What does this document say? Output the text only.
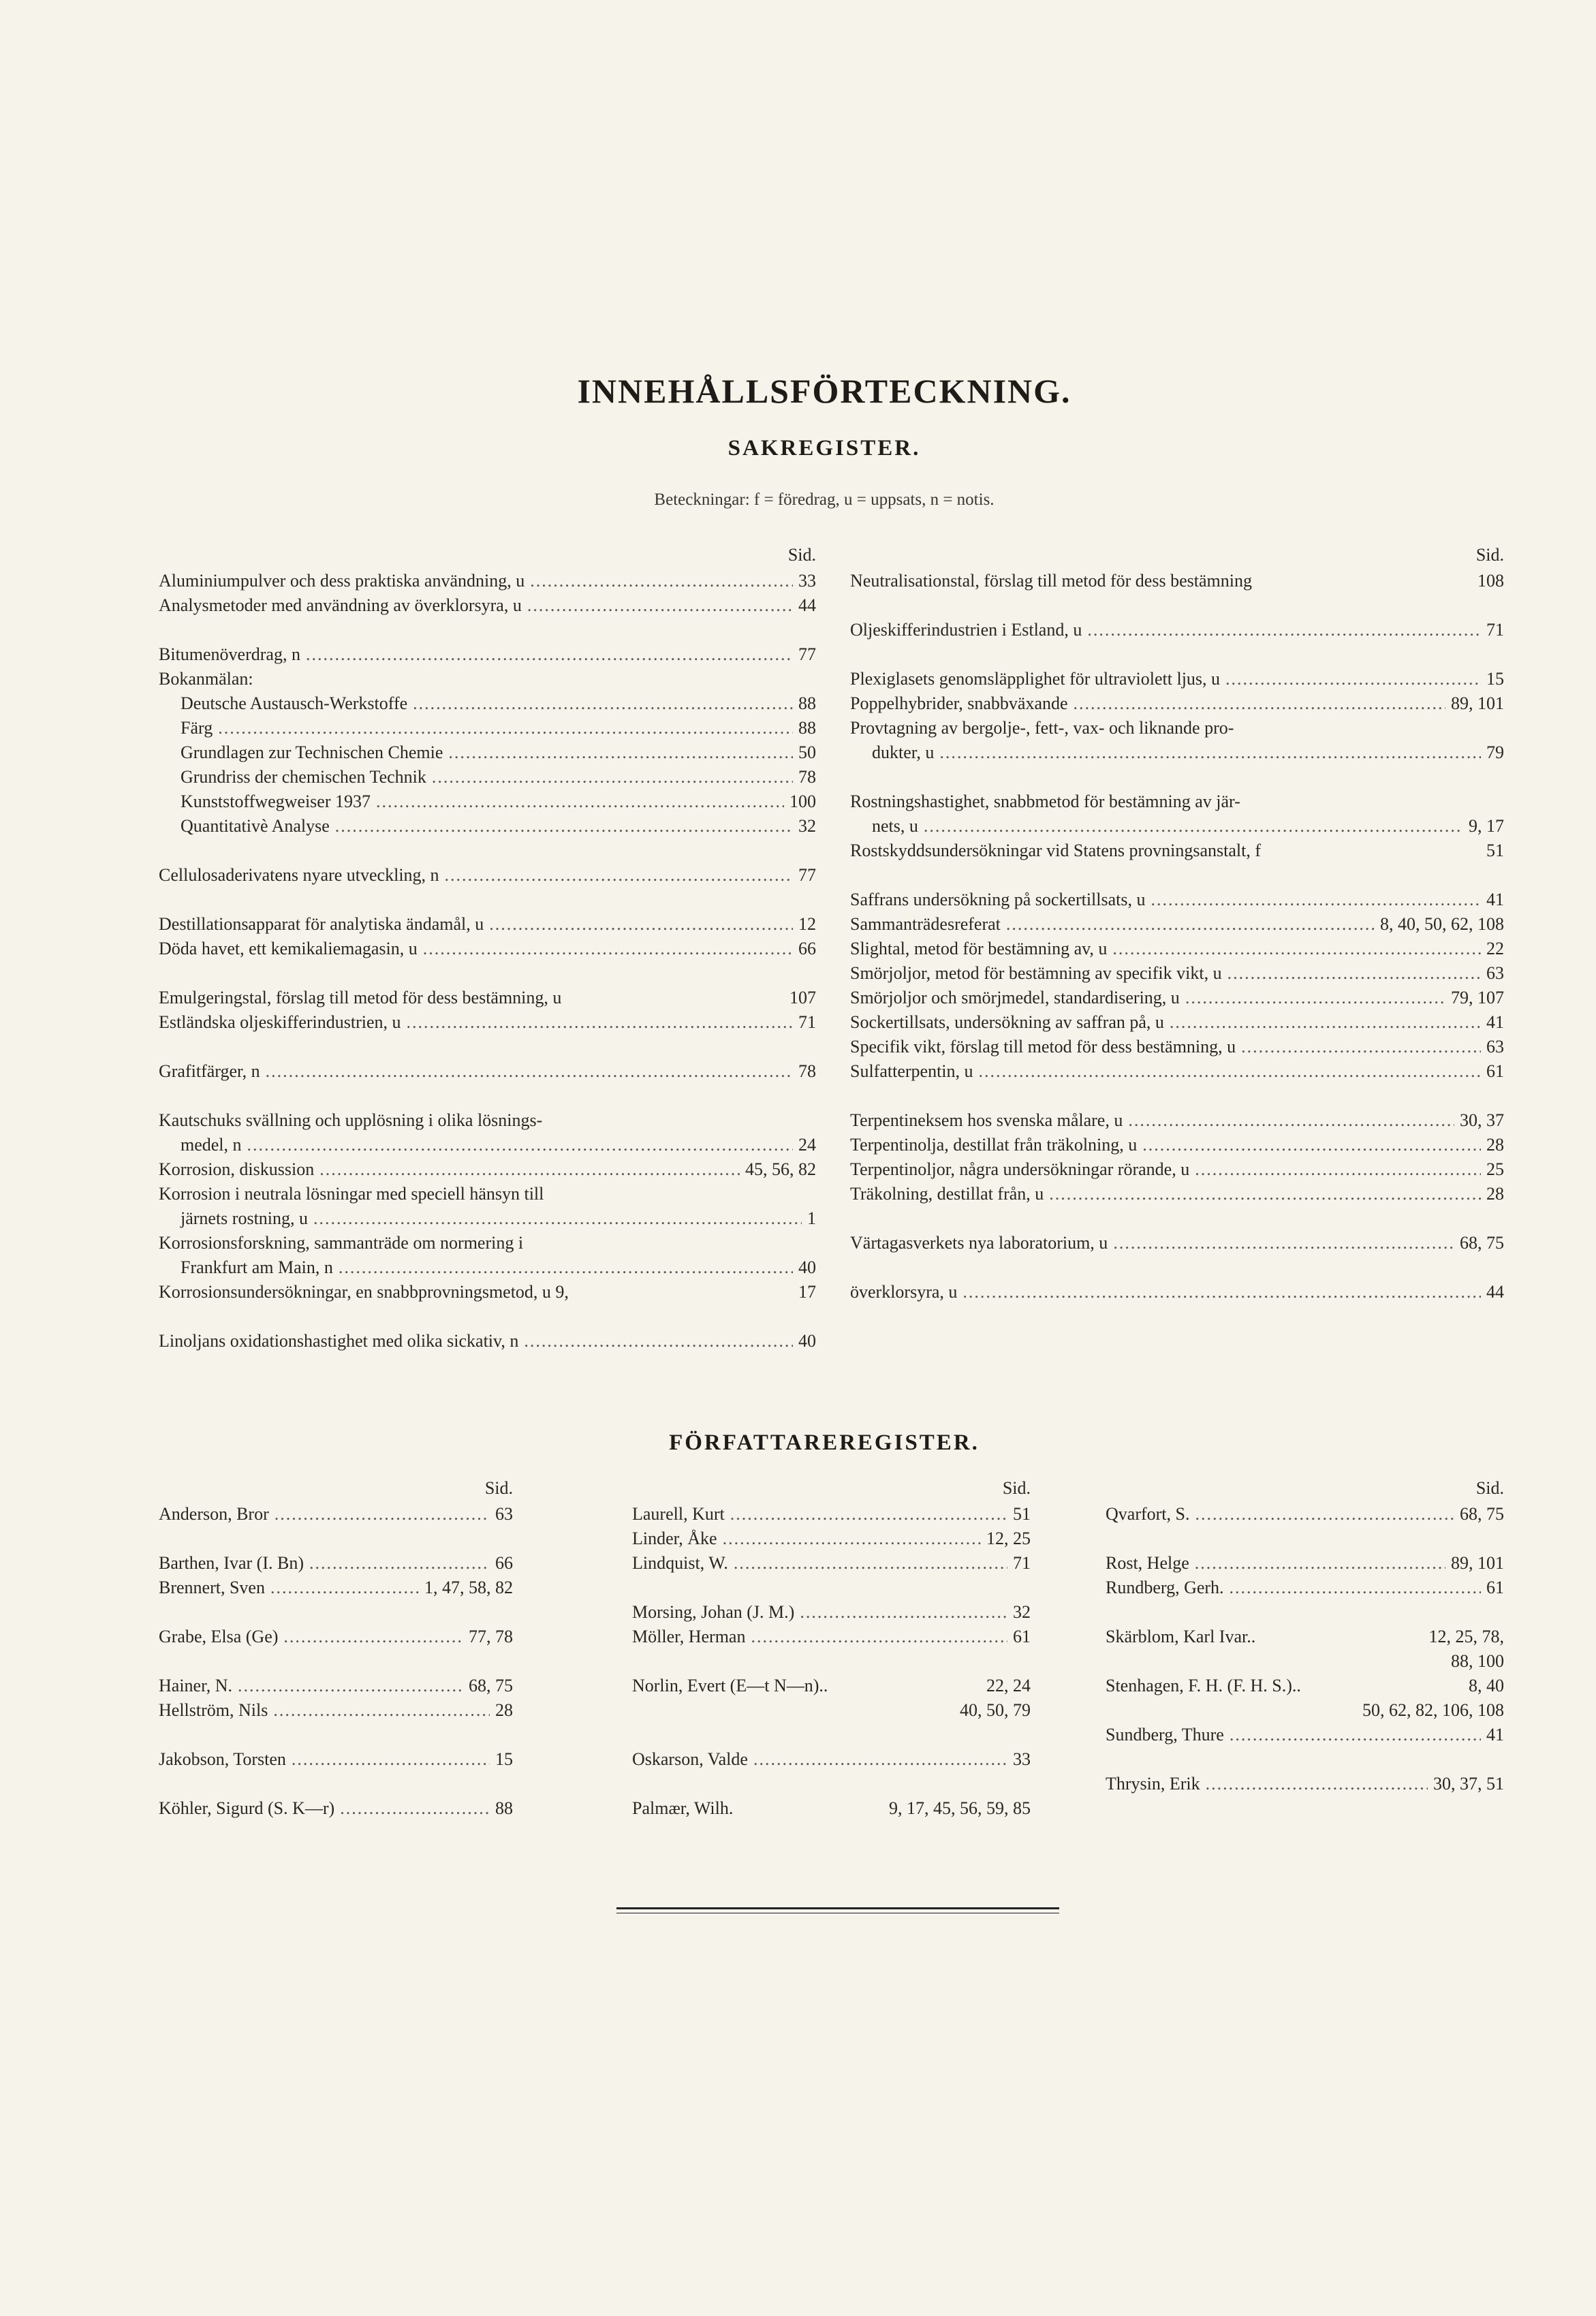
INNEHÅLLSFÖRTECKNING.
SAKREGISTER.
Beteckningar: f = föredrag, u = uppsats, n = notis.
Sid.
Aluminiumpulver och dess praktiska användning, u .....	33
Analysmetoder med användning av överklorsyra, u .....	44
Bitumenöverdrag, n .....	77
Bokanmälan:
Deutsche Austausch-Werkstoffe .....	88
Färg .....	88
Grundlagen zur Technischen Chemie .....	50
Grundriss der chemischen Technik .....	78
Kunststoffwegweiser 1937 .....	100
Quantitativè Analyse .....	32
Cellulosaderivatens nyare utveckling, n .....	77
Destillationsapparat för analytiska ändamål, u .....	12
Döda havet, ett kemikaliemagasin, u .....	66
Emulgeringstal, förslag till metod för dess bestämning, u	107
Estländska oljeskifferindustrien, u .....	71
Grafitfärger, n .....	78
Kautschuks svällning och upplösning i olika lösnings-
medel, n .....	24
Korrosion, diskussion .....	45, 56, 82
Korrosion i neutrala lösningar med speciell hänsyn till
järnets rostning, u .....	1
Korrosionsforskning, sammanträde om normering i
Frankfurt am Main, n .....	40
Korrosionsundersökningar, en snabbprovningsmetod, u 9,	17
Linoljans oxidationshastighet med olika sickativ, n .....	40
Sid.
Neutralisationstal, förslag till metod för dess bestämning	108
Oljeskifferindustrien i Estland, u .....	71
Plexiglasets genomsläpplighet för ultraviolett ljus, u .....	15
Poppelhybrider, snabbväxande .....	89, 101
Provtagning av bergolje-, fett-, vax- och liknande pro-
dukter, u .....	79
Rostningshastighet, snabbmetod för bestämning av jär-
nets, u .....	9, 17
Rostskyddsundersökningar vid Statens provningsanstalt, f	51
Saffrans undersökning på sockertillsats, u .....	41
Sammanträdesreferat .....	8, 40, 50, 62, 108
Slightal, metod för bestämning av, u .....	22
Smörjoljor, metod för bestämning av specifik vikt, u .....	63
Smörjoljor och smörjmedel, standardisering, u .....	79, 107
Sockertillsats, undersökning av saffran på, u .....	41
Specifik vikt, förslag till metod för dess bestämning, u .....	63
Sulfatterpentin, u .....	61
Terpentineksem hos svenska målare, u .....	30, 37
Terpentinolja, destillat från träkolning, u .....	28
Terpentinoljor, några undersökningar rörande, u .....	25
Träkolning, destillat från, u .....	28
Värtagasverkets nya laboratorium, u .....	68, 75
överklorsyra, u .....	44
FÖRFATTAREREGISTER.
Sid.
Anderson, Bror .....	63
Barthen, Ivar (I. Bn) .....	66
Brennert, Sven .....	1, 47, 58, 82
Grabe, Elsa (Ge) .....	77, 78
Hainer, N. .....	68, 75
Hellström, Nils .....	28
Jakobson, Torsten .....	15
Köhler, Sigurd (S. K—r) .....	88
Sid.
Laurell, Kurt .....	51
Linder, Åke .....	12, 25
Lindquist, W. .....	71
Morsing, Johan (J. M.) .....	32
Möller, Herman .....	61
Norlin, Evert (E—t N—n)..	22, 24
40, 50, 79
Oskarson, Valde .....	33
Palmær, Wilh.	9, 17, 45, 56, 59, 85
Sid.
Qvarfort, S. .....	68, 75
Rost, Helge .....	89, 101
Rundberg, Gerh. .....	61
Skärblom, Karl Ivar..	12, 25, 78,
88, 100
Stenhagen, F. H. (F. H. S.)..	8, 40
50, 62, 82, 106, 108
Sundberg, Thure .....	41
Thrysin, Erik .....	30, 37, 51
